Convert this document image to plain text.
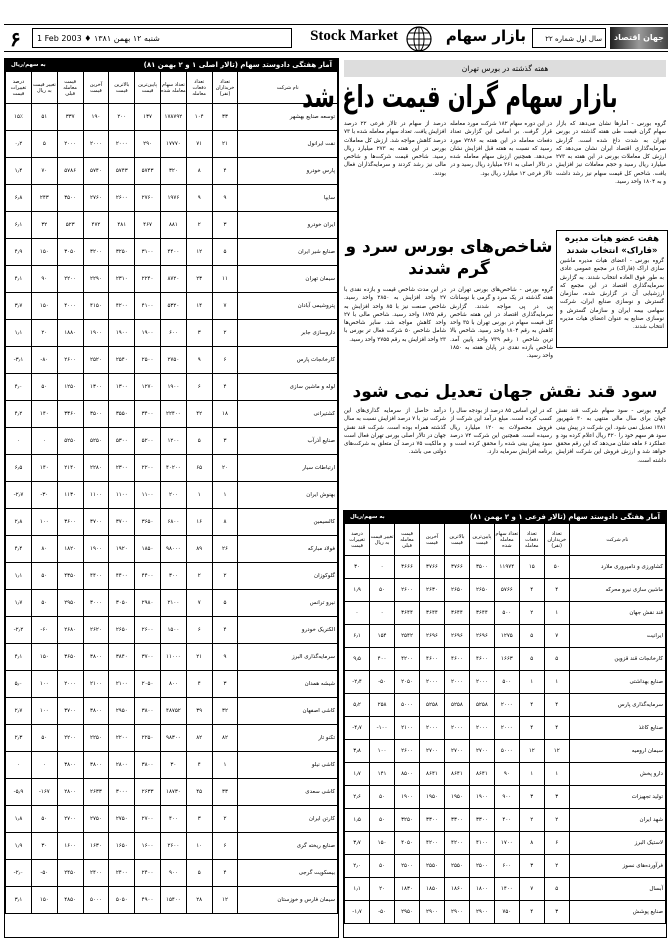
۶	1 Feb 2003 ♦ ۱۳۸۱ شنبه ۱۲ بهمن	Stock Market	بازار سهام	سال اول شماره ۲۲	جهان اقتصاد
آمار هفتگی دادوستد سهام (تالار اصلی ۱ و ۲ بهمن ۸۱)
به سهم/ریال
نام شرکت	تعداد خریداران (نفر)	تعداد دفعات معامله	تعداد سهام معامله شده	پایین‌ترین قیمت	بالاترین قیمت	آخرین قیمت	قیمت معامله قبلی	تغییر قیمت به ریال	درصد تغییرات قیمت
توسعه صنایع بهشهر	۳۳	۱۰۴	۱۷۸۷۹۲	۱۳۷	۲۰۰	۱۹۰	۳۳۷	۵۱	۱۵٪
نفت ایرانول	۲۱	۷۱	۱۷۷۷۰	۲۹۰	۲۰۰۰	۲۰۰۰	۲۰۰۰	۵	۰٫۲
پارس خودرو	۴	۸	۳۲۰	۵۷۴۳	۵۷۴۳	۵۷۴۰	۵۷۸۶	۷۰	۱٫۴
سایپا	۹	۹	۱۹۷۶	۲۷۶۰	۲۶۰۰	۲۷۶۰	۳۵۰۰	۲۴۳	۶٫۸
ایران خودرو	۳	۲	۸۸۱	۴۶۷	۴۸۱	۴۷۲	۵۲۳	۳۲	۶٫۱
صنایع شیر ایران	۵	۱۲	۴۴۰۰	۳۱۰۰	۳۲۵۰	۳۲۰۰	۳۰۵۰	۱۵۰	۴٫۹
سیمان تهران	۱۱	۲۳	۸۷۲۰	۲۲۴۰	۲۳۱۰	۲۲۹۰	۲۲۰۰	۹۰	۴٫۱
پتروشیمی آبادان	۷	۱۴	۵۳۲۰	۴۱۰۰	۴۲۰۰	۴۱۵۰	۴۰۰۰	۱۵۰	۳٫۷
داروسازی جابر	۲	۳	۶۰۰	۱۹۰۰	۱۹۰۰	۱۹۰۰	۱۸۸۰	۲۰	۱٫۱
کارخانجات پارس	۶	۹	۲۷۵۰	۲۵۰۰	۲۵۴۰	۲۵۲۰	۲۶۰۰	۸۰-	۳٫۱-
لوله و ماشین سازی	۴	۶	۱۹۰۰	۱۲۷۰	۱۳۰۰	۱۳۰۰	۱۲۵۰	۵۰	۴٫۰
کشتیرانی	۱۸	۴۲	۲۲۴۰۰	۳۴۰۰	۳۵۵۰	۳۵۰۰	۳۳۶۰	۱۴۰	۴٫۲
صنایع آذرآب	۳	۵	۱۲۰۰	۵۲۰۰	۵۳۰۰	۵۲۵۰	۵۲۵۰	۰	۰
ارتباطات سیار	۲۰	۶۵	۴۰۲۰۰	۲۲۰۰	۲۳۰۰	۲۲۸۰	۲۱۴۰	۱۴۰	۶٫۵
بهنوش ایران	۱	۱	۲۰۰	۱۱۰۰	۱۱۰۰	۱۱۰۰	۱۱۳۰	۳۰-	۲٫۷-
کالسیمین	۸	۱۶	۶۸۰۰	۳۶۵۰	۳۷۰۰	۳۷۰۰	۳۶۰۰	۱۰۰	۲٫۸
فولاد مبارکه	۲۶	۸۹	۹۸۰۰۰	۱۸۵۰	۱۹۲۰	۱۹۰۰	۱۸۲۰	۸۰	۴٫۴
گلوکوزان	۲	۲	۳۰۰	۴۴۰۰	۴۴۰۰	۴۴۰۰	۴۳۵۰	۵۰	۱٫۱
نیرو ترانس	۵	۷	۲۱۰۰	۲۹۸۰	۳۰۵۰	۳۰۰۰	۲۹۵۰	۵۰	۱٫۷
الکتریک خودرو	۴	۶	۱۵۰۰	۲۶۰۰	۲۶۵۰	۲۶۲۰	۲۶۸۰	۶۰-	۲٫۲-
سرمایه‌گذاری البرز	۹	۲۱	۱۱۰۰۰	۳۷۰۰	۳۸۴۰	۳۸۰۰	۳۶۵۰	۱۵۰	۴٫۱
شیشه همدان	۳	۴	۸۰۰	۲۰۵۰	۲۱۰۰	۲۱۰۰	۲۰۰۰	۱۰۰	۵٫۰
کاشی اصفهان	۳۲	۳۹	۴۸۷۵۲	۳۸۰۰	۲۹۵۰	۳۸۰۰	۳۷۰۰	۱۰۰	۲٫۷
تکنو تار	۸۲	۸۲	۹۸۳۰۰	۲۲۵۰	۲۲۰۰	۲۲۵۰	۲۲۰۰	۵۰	۲٫۳
کاشی نیلو	۱	۴	۳۰	۳۸۰۰	۲۸۰۰	۳۸۰۰	۳۸۰۰	۰	۰
کاشی سعدی	۳۳	۴۵	۱۸۷۳۰	۲۶۳۳	۳۰۰۰	۲۶۳۳	۲۸۰۰	۱۶۷-	۵٫۹-
کارتن ایران	۲	۳	۴۰۰	۲۷۰۰	۲۷۵۰	۲۷۵۰	۲۷۰۰	۵۰	۱٫۸
صنایع ریخته گری	۶	۱۰	۲۶۰۰	۱۶۰۰	۱۶۵۰	۱۶۳۰	۱۶۰۰	۳۰	۱٫۹
بیسکویت گرجی	۴	۵	۹۰۰	۲۴۰۰	۲۴۰۰	۲۴۰۰	۲۴۵۰	۵۰-	۲٫۰-
سیمان فارس و خوزستان	۱۲	۲۸	۱۵۴۰۰	۴۹۰۰	۵۰۵۰	۵۰۰۰	۴۸۵۰	۱۵۰	۳٫۱
هفته گذشته در بورس تهران
بازار سهام گران قیمت داغ شد
گروه بورس - آمارها نشان می‌دهد که بازار سهام گران قیمت طی هفته گذشته در بورس تهران به شدت داغ شده است. گزارش سرمایه‌گذاری اقتصاد ایران نشان می‌دهد که ارزش کل معاملات بورس در این هفته به ۲۷۳ میلیارد ریال رسید و حجم معاملات نیز افزایش یافت. شاخص کل قیمت سهام نیز رشد داشت و به ۱۸۰۴ واحد رسید.
در این دوره سهام ۱۸۲ شرکت مورد معامله قرار گرفت. بر اساس این گزارش تعداد دفعات معامله در این هفته به ۷۲۸۶ مورد رسید که نسبت به هفته قبل افزایش نشان می‌دهد. همچنین ارزش سهام معامله شده در تالار اصلی به ۲۶۱ میلیارد ریال رسید و در تالار فرعی ۱۲ میلیارد ریال بود.
درصد از سهام در تالار فرعی ۲۲ درصد افزایش یافت. تعداد سهام معامله شده با ۷۳ درصد کاهش مواجه شد. ارزش کل معاملات بورس در این هفته به ۲۷۳ میلیارد ریال رسید. شاخص قیمت شرکت‌ها و شاخص مالی نیز رشد کردند و سرمایه‌گذاران فعال بودند.
شاخص‌های بورس سرد و گرم شدند
گروه بورس - شاخص‌های بورس تهران در هفته گذشته در یک سرد و گرمی با نوسانات پی در پی مواجه شدند. گزارش سرمایه‌گذاری اقتصاد در این هفته شاخص کل قیمت سهام در بورس تهران با ۳۵ واحد کاهش به رقم ۱۸۰۴ واحد رسید. شاخص بالا ترین شاخص ۱ رقم ۷۳۹ واحد پایین آمد. شاخص بازده نقدی در پایان هفته به ۱۸۵۰ واحد رسید.
در این مدت شاخص قیمت و بازده نقدی با ۲۷ واحد افزایش به ۲۸۵۰ واحد رسید. شاخص صنعت نیز با ۸۵ واحد افزایش به رقم ۱۸۲۵ واحد رسید. شاخص مالی با ۲۷ واحد کاهش مواجه شد. سایر شاخص‌ها شامل شاخص ۵۰ شرکت فعال تر بورس با ۲۳ واحد افزایش به رقم ۲۷۵۵ واحد رسید.
هفت عضو هیات مدیره «فاراک» انتخاب شدند
گروه بورس - اعضای هیات مدیره ماشین سازی اراک (فاراک) در مجمع عمومی عادی به طور فوق العاده انتخاب شدند. به گزارش سرمایه‌گذاری اقتصاد در این مجمع که ارزشیابی آن در گزارش شده، سازمان گسترش و نوسازی صنایع ایران، شرکت سهامی بیمه ایران و سازمان گسترش و نوسازی صنایع به عنوان اعضای هیات مدیره انتخاب شدند.
سود قند نقش جهان تعدیل نمی شود
گروه بورس - سود سهام شرکت قند نقش جهان برای سال مالی منتهی به ۳۰ شهریور ۱۳۸۱ تعدیل نمی شود. این شرکت در پیش بینی سود هر سهم خود را ۴۲۰ ریال اعلام کرده بود و عملکرد ۶ ماهه نشان می‌دهد که این رقم محقق خواهد شد و ارزش فروش این شرکت افزایش داشته است.
که در این اساس ۸۵ درصد از بودجه سال را کسب کرده است. مبلغ درآمد این شرکت از فروش محصولات به ۱۲۰ میلیارد ریال رسیده است. همچنین این شرکت ۷۴ درصد سود پیش بینی شده را محقق کرده است و برنامه افزایش سرمایه دارد.
درآمد حاصل از سرمایه گذاری‌های این شرکت نیز با ۷ درصد افزایش نسبت به سال گذشته همراه بوده است. شرکت قند نقش جهان در تالار اصلی بورس تهران فعال است و مالکیت ۷۵ درصد آن متعلق به شرکت‌های دولتی می باشد.
آمار هفتگی دادوستد سهام (تالار فرعی ۱ و ۲ بهمن ۸۱)
به سهم/ریال
نام شرکت	تعداد خریداران (نفر)	تعداد دفعات معامله	تعداد سهام معامله شده	پایین‌ترین قیمت	بالاترین قیمت	آخرین قیمت	قیمت معامله قبلی	تغییر قیمت به ریال	درصد تغییرات قیمت
کشاورزی و دامپروری ملارد	۵۰	۱۵	۱۱۹۷۴	۳۵۰۰	۳۷۶۶	۳۷۶۶	۳۶۶۶	۰	۳۰
ماشین سازی نیرو محرکه	۴	۴	۵۷۶۶	۲۶۵۰	۲۶۵۰	۲۶۳۰	۲۶۰۰	۵۰	۱٫۹
قند نقش جهان	۱	۲	۵۰۰	۳۶۴۴	۳۶۴۴	۳۶۴۴	۳۶۴۴	۰	۰
ایرانیت	۷	۵	۱۲۷۵	۲۶۹۶	۲۶۹۶	۲۶۹۶	۲۵۴۲	۱۵۴	۶٫۱
کارخانجات قند قزوین	۵	۵	۱۶۶۳	۴۶۰۰	۴۶۰۰	۴۶۰۰	۴۲۰۰	۴۰۰	۹٫۵
صنایع بهداشتی	۱	۱	۵۰۰	۲۰۰۰	۲۰۰۰	۲۰۰۰	۲۰۵۰	۵۰-	۲٫۴-
سرمایه‌گذاری پارس	۴	۴	۲۰۰۰	۵۲۵۸	۵۲۵۸	۵۲۵۸	۵۰۰۰	۲۵۸	۵٫۲
صنایع کاغذ	۴	۴	۲۰۰۰	۲۰۰۰	۲۰۰۰	۲۰۰۰	۲۱۰۰	۱۰۰-	۴٫۷-
سیمان ارومیه	۱۲	۱۲	۵۰۰۰	۲۷۰۰	۲۷۰۰	۲۷۰۰	۲۶۰۰	۱۰۰	۳٫۸
دارو پخش	۱	۱	۹۰	۸۶۴۱	۸۶۴۱	۸۶۴۱	۸۵۰۰	۱۴۱	۱٫۷
تولید تجهیزات	۳	۳	۹۰۰	۱۹۰۰	۱۹۵۰	۱۹۵۰	۱۹۰۰	۵۰	۲٫۶
شهد ایران	۲	۲	۴۰۰	۳۳۰۰	۳۳۰۰	۳۳۰۰	۳۲۵۰	۵۰	۱٫۵
لاستیک البرز	۶	۸	۱۷۰۰	۴۱۰۰	۴۲۰۰	۴۲۰۰	۴۰۵۰	۱۵۰	۳٫۷
فرآورده‌های نسوز	۲	۳	۶۰۰	۲۵۰۰	۲۵۵۰	۲۵۵۰	۲۵۰۰	۵۰	۲٫۰
آبسال	۵	۷	۱۴۰۰	۱۸۰۰	۱۸۶۰	۱۸۵۰	۱۸۳۰	۲۰	۱٫۱
صنایع پوشش	۳	۴	۷۵۰	۲۹۰۰	۲۹۰۰	۲۹۰۰	۲۹۵۰	۵۰-	۱٫۷-
